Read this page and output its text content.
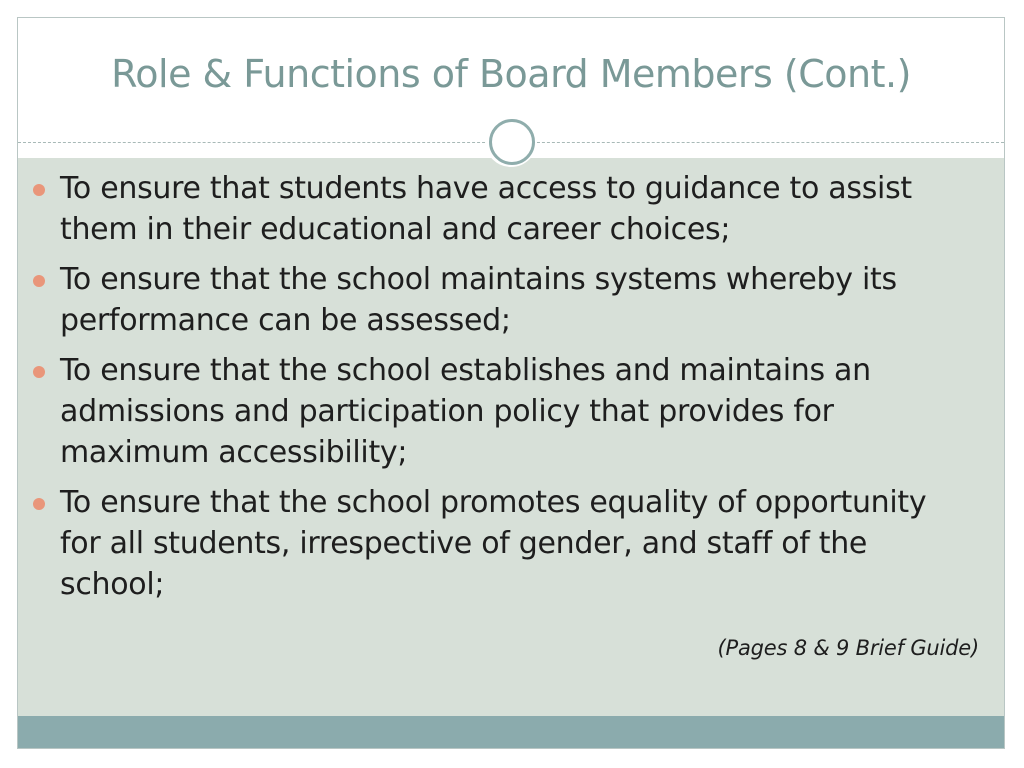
Role & Functions of Board Members (Cont.)
To ensure that students have access to guidance to assist them in their educational and career choices;
To ensure that the school maintains systems whereby its performance can be assessed;
To ensure that the school establishes and maintains an admissions and participation policy that provides for maximum accessibility;
To ensure that the school promotes equality of opportunity for all students, irrespective of gender, and staff of the school;
(Pages 8 & 9 Brief Guide)
